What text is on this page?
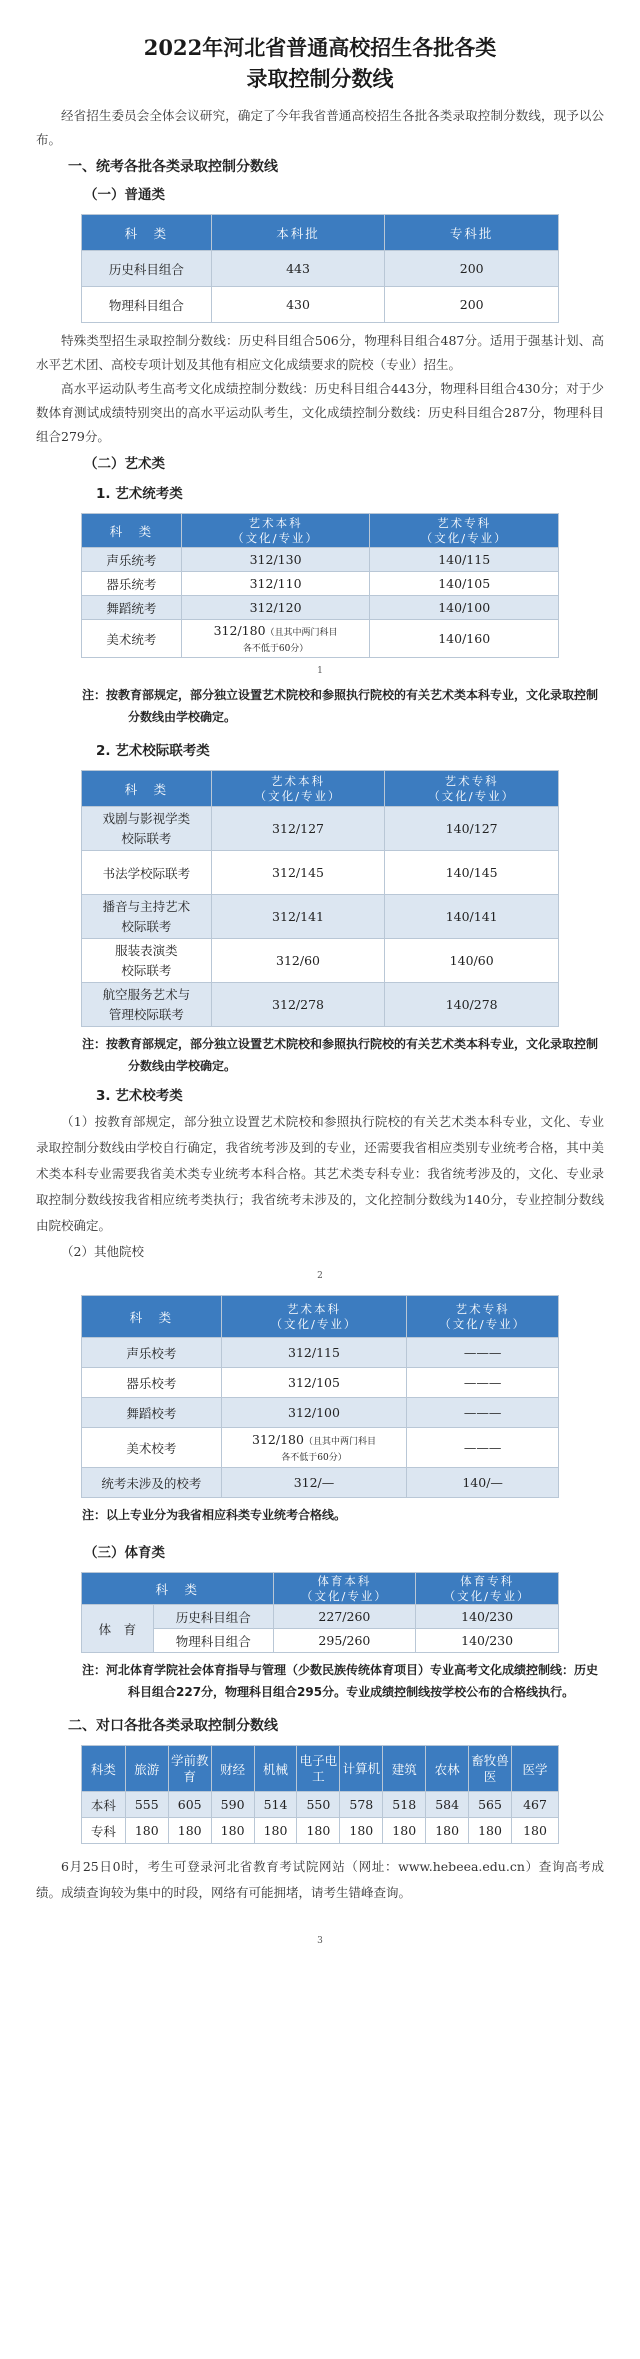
2022年河北省普通高校招生各批各类
录取控制分数线

经省招生委员会全体会议研究，确定了今年我省普通高校招生各批各类录取控制分数线，现予以公布。

一、统考各批各类录取控制分数线
（一）普通类
科　类	本科批	专科批
历史科目组合	443	200
物理科目组合	430	200

特殊类型招生录取控制分数线：历史科目组合506分，物理科目组合487分。适用于强基计划、高水平艺术团、高校专项计划及其他有相应文化成绩要求的院校（专业）招生。

高水平运动队考生高考文化成绩控制分数线：历史科目组合443分，物理科目组合430分；对于少数体育测试成绩特别突出的高水平运动队考生，文化成绩控制分数线：历史科目组合287分，物理科目组合279分。

（二）艺术类
1. 艺术统考类
科　类	艺术本科
（文化/专业）	艺术专科
（文化/专业）
声乐统考	312/130	140/115
器乐统考	312/110	140/105
舞蹈统考	312/120	140/100
美术统考	312/180（且其中两门科目
各不低于60分）	140/160
1

注：按教育部规定，部分独立设置艺术院校和参照执行院校的有关艺术类本科专业，文化录取控制分数线由学校确定。

2. 艺术校际联考类
科　类	艺术本科
（文化/专业）	艺术专科
（文化/专业）
戏剧与影视学类
校际联考	312/127	140/127
书法学校际联考	312/145	140/145
播音与主持艺术
校际联考	312/141	140/141
服装表演类
校际联考	312/60	140/60
航空服务艺术与
管理校际联考	312/278	140/278

注：按教育部规定，部分独立设置艺术院校和参照执行院校的有关艺术类本科专业，文化录取控制分数线由学校确定。

3. 艺术校考类

（1）按教育部规定，部分独立设置艺术院校和参照执行院校的有关艺术类本科专业，文化、专业录取控制分数线由学校自行确定，我省统考涉及到的专业，还需要我省相应类别专业统考合格，其中美术类本科专业需要我省美术类专业统考本科合格。其艺术类专科专业：我省统考涉及的，文化、专业录取控制分数线按我省相应统考类执行；我省统考未涉及的，文化控制分数线为140分，专业控制分数线由院校确定。

（2）其他院校

2
科　类	艺术本科
（文化/专业）	艺术专科
（文化/专业）
声乐校考	312/115	———
器乐校考	312/105	———
舞蹈校考	312/100	———
美术校考	312/180（且其中两门科目
各不低于60分）	———
统考未涉及的校考	312/—	140/—

注：以上专业分为我省相应科类专业统考合格线。

（三）体育类
科　类		体育本科
（文化/专业）	体育专科
（文化/专业）
体　育	历史科目组合	227/260	140/230
	物理科目组合	295/260	140/230

注：河北体育学院社会体育指导与管理（少数民族传统体育项目）专业高考文化成绩控制线：历史科目组合227分，物理科目组合295分。专业成绩控制线按学校公布的合格线执行。

二、对口各批各类录取控制分数线
科类	旅游	学前教育	财经	机械	电子电工	计算机	建筑	农林	畜牧兽医	医学
本科	555	605	590	514	550	578	518	584	565	467
专科	180	180	180	180	180	180	180	180	180	180

6月25日0时，考生可登录河北省教育考试院网站（网址：www.hebeea.edu.cn）查询高考成绩。成绩查询较为集中的时段，网络有可能拥堵，请考生错峰查询。

3
